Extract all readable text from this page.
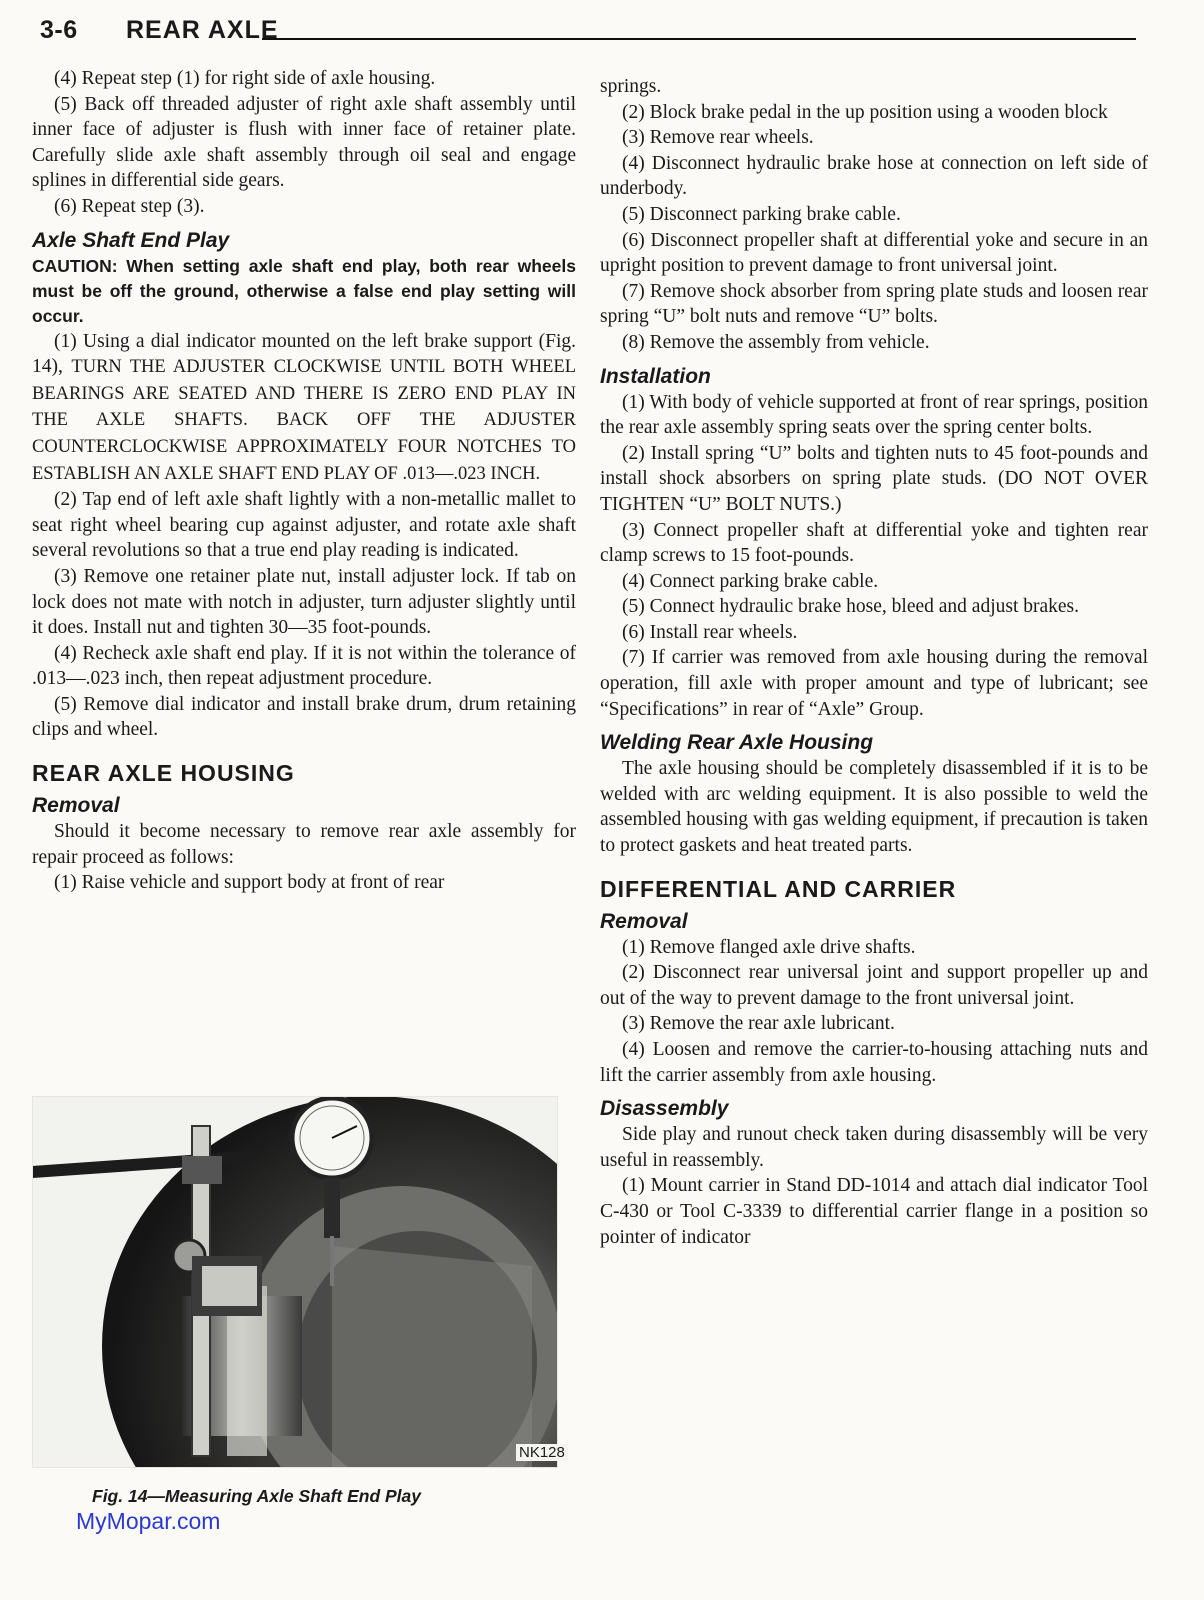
3-6 REAR AXLE

(4) Repeat step (1) for right side of axle housing.

(5) Back off threaded adjuster of right axle shaft assembly until inner face of adjuster is flush with inner face of retainer plate. Carefully slide axle shaft assembly through oil seal and engage splines in differential side gears.

(6) Repeat step (3).

Axle Shaft End Play

CAUTION: When setting axle shaft end play, both rear wheels must be off the ground, otherwise a false end play setting will occur.

(1) Using a dial indicator mounted on the left brake support (Fig. 14), TURN THE ADJUSTER CLOCKWISE UNTIL BOTH WHEEL BEARINGS ARE SEATED AND THERE IS ZERO END PLAY IN THE AXLE SHAFTS. BACK OFF THE ADJUSTER COUNTERCLOCKWISE APPROXIMATELY FOUR NOTCHES TO ESTABLISH AN AXLE SHAFT END PLAY OF .013—.023 INCH.

(2) Tap end of left axle shaft lightly with a non-metallic mallet to seat right wheel bearing cup against adjuster, and rotate axle shaft several revolutions so that a true end play reading is indicated.

(3) Remove one retainer plate nut, install adjuster lock. If tab on lock does not mate with notch in adjuster, turn adjuster slightly until it does. Install nut and tighten 30—35 foot-pounds.

(4) Recheck axle shaft end play. If it is not within the tolerance of .013—.023 inch, then repeat adjustment procedure.

(5) Remove dial indicator and install brake drum, drum retaining clips and wheel.

REAR AXLE HOUSING
Removal

Should it become necessary to remove rear axle assembly for repair proceed as follows:

(1) Raise vehicle and support body at front of rear

NK128
Fig. 14—Measuring Axle Shaft End Play
MyMopar.com

springs.

(2) Block brake pedal in the up position using a wooden block

(3) Remove rear wheels.

(4) Disconnect hydraulic brake hose at connection on left side of underbody.

(5) Disconnect parking brake cable.

(6) Disconnect propeller shaft at differential yoke and secure in an upright position to prevent damage to front universal joint.

(7) Remove shock absorber from spring plate studs and loosen rear spring “U” bolt nuts and remove “U” bolts.

(8) Remove the assembly from vehicle.

Installation

(1) With body of vehicle supported at front of rear springs, position the rear axle assembly spring seats over the spring center bolts.

(2) Install spring “U” bolts and tighten nuts to 45 foot-pounds and install shock absorbers on spring plate studs. (DO NOT OVER TIGHTEN “U” BOLT NUTS.)

(3) Connect propeller shaft at differential yoke and tighten rear clamp screws to 15 foot-pounds.

(4) Connect parking brake cable.

(5) Connect hydraulic brake hose, bleed and adjust brakes.

(6) Install rear wheels.

(7) If carrier was removed from axle housing during the removal operation, fill axle with proper amount and type of lubricant; see “Specifications” in rear of “Axle” Group.

Welding Rear Axle Housing

The axle housing should be completely disassembled if it is to be welded with arc welding equipment. It is also possible to weld the assembled housing with gas welding equipment, if precaution is taken to protect gaskets and heat treated parts.

DIFFERENTIAL AND CARRIER
Removal

(1) Remove flanged axle drive shafts.

(2) Disconnect rear universal joint and support propeller up and out of the way to prevent damage to the front universal joint.

(3) Remove the rear axle lubricant.

(4) Loosen and remove the carrier-to-housing attaching nuts and lift the carrier assembly from axle housing.

Disassembly

Side play and runout check taken during disassembly will be very useful in reassembly.

(1) Mount carrier in Stand DD-1014 and attach dial indicator Tool C-430 or Tool C-3339 to differential carrier flange in a position so pointer of indicator
